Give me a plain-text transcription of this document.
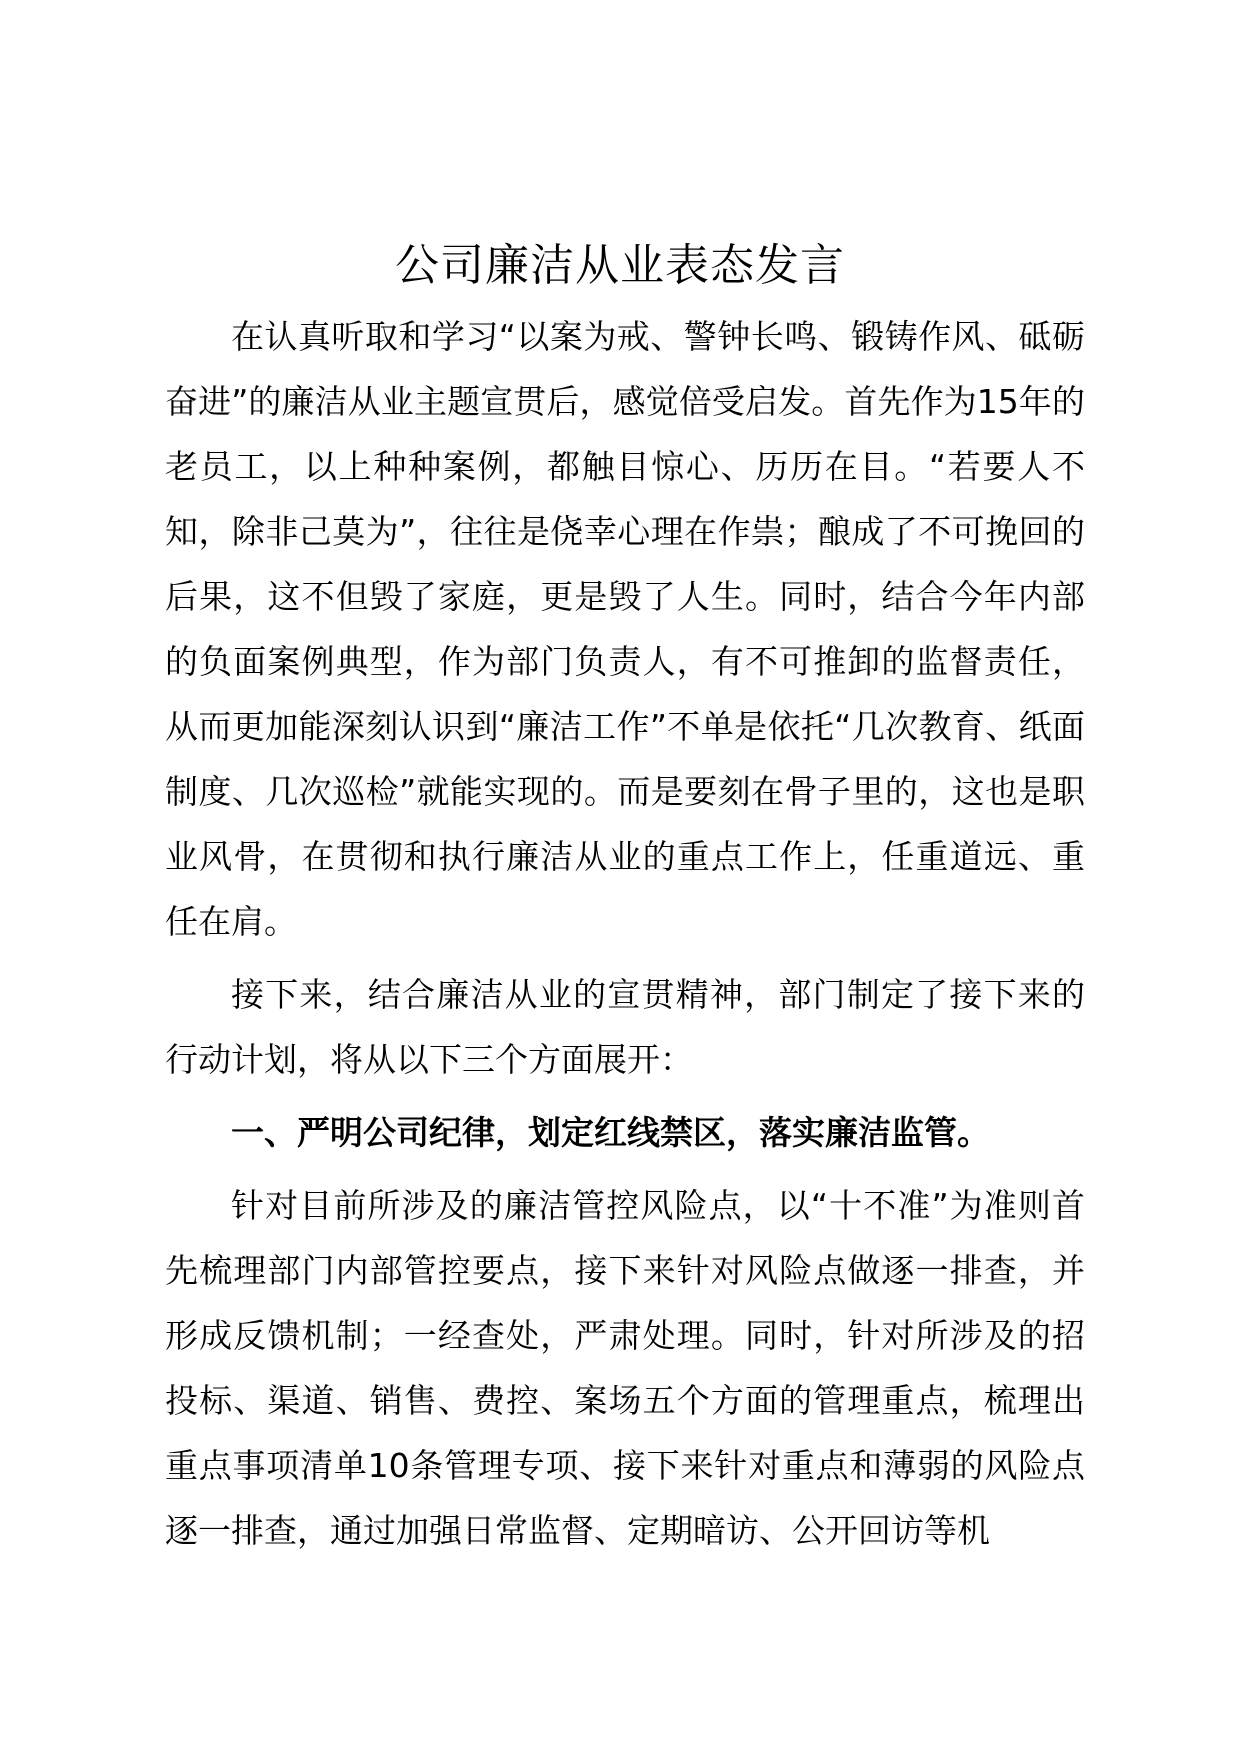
公司廉洁从业表态发言

在认真听取和学习“以案为戒、警钟长鸣、锻铸作风、砥砺奋进”的廉洁从业主题宣贯后，感觉倍受启发。首先作为15年的老员工，以上种种案例，都触目惊心、历历在目。“若要人不知，除非己莫为”，往往是侥幸心理在作祟；酿成了不可挽回的后果，这不但毁了家庭，更是毁了人生。同时，结合今年内部的负面案例典型，作为部门负责人，有不可推卸的监督责任，从而更加能深刻认识到“廉洁工作”不单是依托“几次教育、纸面制度、几次巡检”就能实现的。而是要刻在骨子里的，这也是职业风骨，在贯彻和执行廉洁从业的重点工作上，任重道远、重任在肩。

接下来，结合廉洁从业的宣贯精神，部门制定了接下来的行动计划，将从以下三个方面展开：

一、严明公司纪律，划定红线禁区，落实廉洁监管。

针对目前所涉及的廉洁管控风险点，以“十不准”为准则首先梳理部门内部管控要点，接下来针对风险点做逐一排查，并形成反馈机制；一经查处，严肃处理。同时，针对所涉及的招投标、渠道、销售、费控、案场五个方面的管理重点，梳理出重点事项清单10条管理专项、接下来针对重点和薄弱的风险点逐一排查，通过加强日常监督、定期暗访、公开回访等机
